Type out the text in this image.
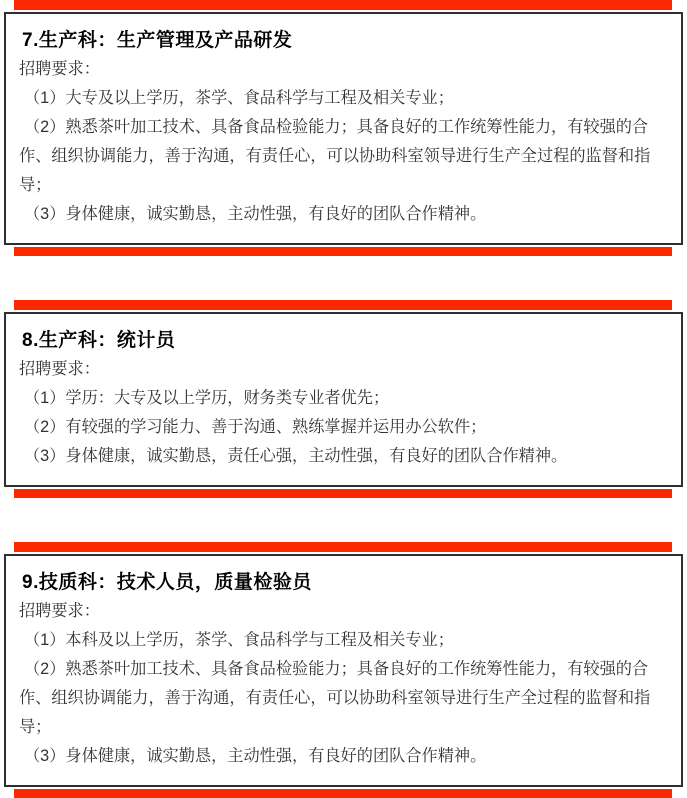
7.生产科：生产管理及产品研发

招聘要求：

（1）大专及以上学历，茶学、食品科学与工程及相关专业；

（2）熟悉茶叶加工技术、具备食品检验能力；具备良好的工作统筹性能力，有较强的合作、组织协调能力，善于沟通，有责任心，可以协助科室领导进行生产全过程的监督和指导；

（3）身体健康，诚实勤恳，主动性强，有良好的团队合作精神。

8.生产科：统计员

招聘要求：

（1）学历：大专及以上学历，财务类专业者优先；

（2）有较强的学习能力、善于沟通、熟练掌握并运用办公软件；

（3）身体健康，诚实勤恳，责任心强，主动性强，有良好的团队合作精神。

9.技质科：技术人员，质量检验员

招聘要求：

（1）本科及以上学历，茶学、食品科学与工程及相关专业；

（2）熟悉茶叶加工技术、具备食品检验能力；具备良好的工作统筹性能力，有较强的合作、组织协调能力，善于沟通，有责任心，可以协助科室领导进行生产全过程的监督和指导；

（3）身体健康，诚实勤恳，主动性强，有良好的团队合作精神。
